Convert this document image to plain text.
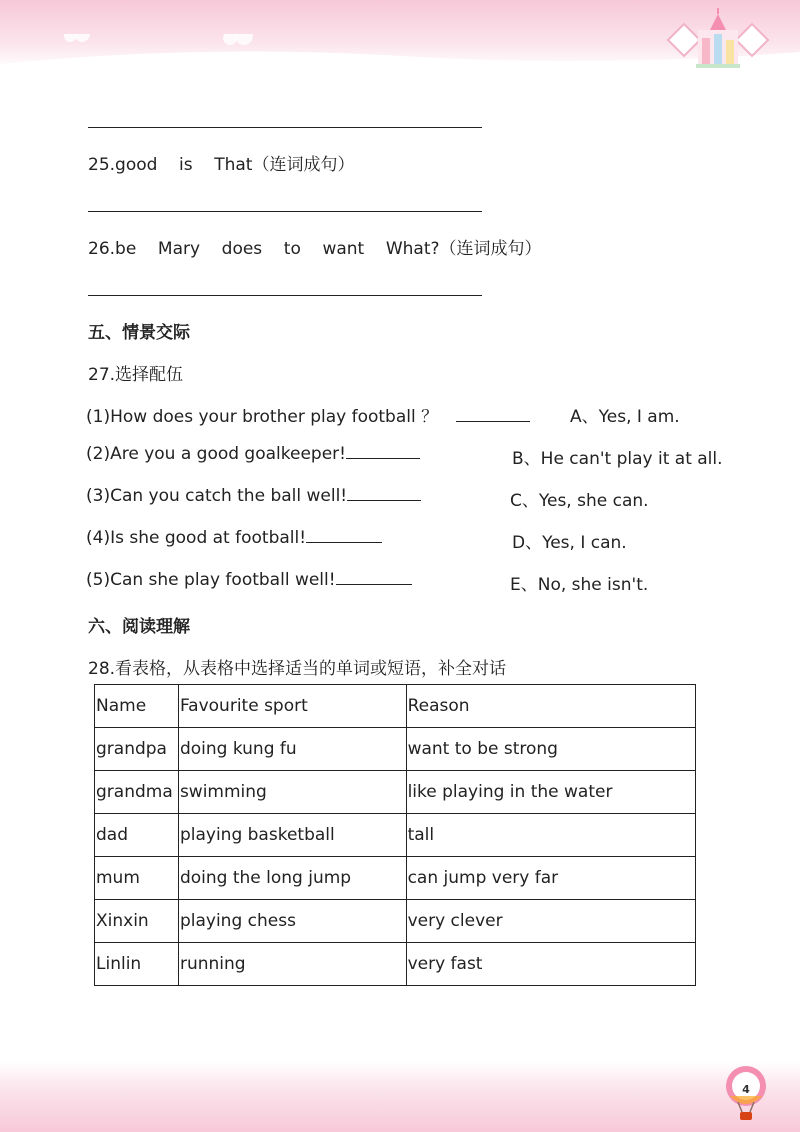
25.good    is    That（连词成句）
26.be    Mary    does    to    want    What?（连词成句）
五、情景交际
27.选择配伍
(1)How does your brother play football ？	A、Yes, I am.
(2)Are you a good goalkeeper!	B、He can't play it at all.
(3)Can you catch the ball well!	C、Yes, she can.
(4)Is she good at football!	D、Yes, I can.
(5)Can she play football well!	E、No, she isn't.
六、阅读理解
28.看表格，从表格中选择适当的单词或短语，补全对话
Name	Favourite sport	Reason
grandpa	doing kung fu	want to be strong
grandma	swimming	like playing in the water
dad	playing basketball	tall
mum	doing the long jump	can jump very far
Xinxin	playing chess	very clever
Linlin	running	very fast
4
